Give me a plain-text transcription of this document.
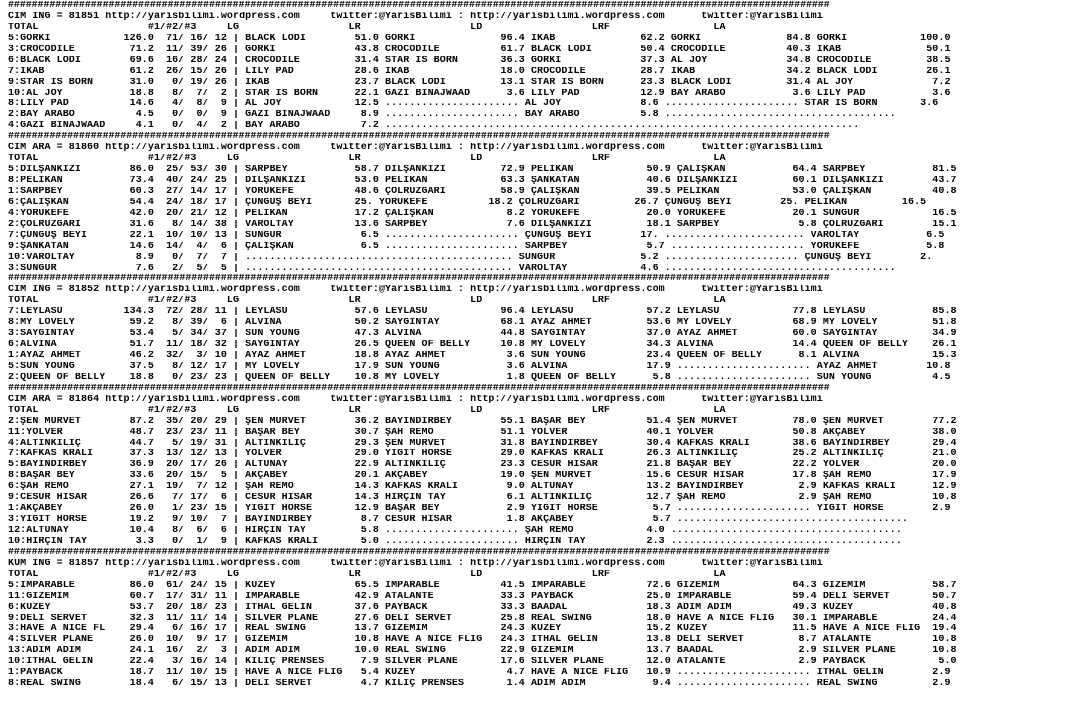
###########################################################################################################################################
CIM ING = 81851 http://yarisbilimi.wordpress.com     twitter:@YarisBilimi : http://yarisbilimi.wordpress.com      twitter:@YarisBilimi
TOTAL                  #1/#2/#3     LG                  LR                  LD                  LRF                 LA
5:GÖRKİ            126.0  71/ 16/ 12 | BLACK LODI        51.0 GÖRKİ              96.4 İKAB              62.2 GÖRKİ              84.8 GÖRKİ            100.0
3:CROCODILE         71.2  11/ 39/ 26 | GÖRKİ             43.8 CROCODILE          61.7 BLACK LODI        50.4 CROCODILE          40.3 İKAB              50.1
6:BLACK LODI        69.6  16/ 28/ 24 | CROCODILE         31.4 STAR IS BORN       36.3 GÖRKİ             37.3 AL JOY             34.8 CROCODILE         38.5
7:İKAB              61.2  26/ 15/ 26 | LILY PAD          28.6 İKAB               18.0 CROCODILE         28.7 İKAB               34.2 BLACK LODI        26.1
9:STAR IS BORN      31.0   0/ 19/ 26 | İKAB              23.7 BLACK LODI         13.1 STAR IS BORN      23.3 BLACK LODI         31.4 AL JOY             7.2
10:AL JOY           18.8   8/  7/  2 | STAR IS BORN      22.1 GAZİ BINAJWAAD      3.6 LILY PAD          12.9 BAY ARABO           3.6 LILY PAD           3.6
8:LILY PAD          14.6   4/  8/  9 | AL JOY            12.5 ...................... AL JOY             8.6 ...................... STAR IS BORN       3.6
2:BAY ARABO          4.5   0/  0/  9 | GAZİ BINAJWAAD     8.9 ...................... BAY ARABO          5.8 ......................................
4:GAZİ BINAJWAAD     4.1   0/  4/  2 | BAY ARABO          7.2 ..............................................................................
###########################################################################################################################################
CIM ARA = 81860 http://yarisbilimi.wordpress.com     twitter:@YarisBilimi : http://yarisbilimi.wordpress.com      twitter:@YarisBilimi
TOTAL                  #1/#2/#3     LG                  LR                  LD                  LRF                 LA
5:DİLŞANKIZI        86.0  25/ 53/ 30 | SARPBEY           58.7 DİLŞANKIZI         72.9 PELİKAN            50.9 ÇALIŞKAN           64.4 SARPBEY           81.5
8:PELİKAN           73.4  40/ 24/ 25 | DİLŞANKIZI        53.0 PELİKAN            63.3 ŞANKATAN           40.6 DİLŞANKIZI         60.1 DİLŞANKIZI        43.7
1:SARPBEY           60.3  27/ 14/ 17 | YÖRÜKEFE          48.6 ÇÖLRÜZGARI         58.9 ÇALIŞKAN           39.5 PELİKAN            53.0 ÇALIŞKAN          40.8
6:ÇALIŞKAN          54.4  24/ 18/ 17 | ÇÜNGÜŞ BEYİ       25. YÖRÜKEFE          18.2 ÇÖLRÜZGARI         26.7 ÇÜNGÜŞ BEYİ        25. PELİKAN         16.5
4:YÖRÜKEFE          42.0  20/ 21/ 12 | PELİKAN           17.2 ÇALIŞKAN            8.2 YÖRÜKEFE           20.0 YÖRÜKEFE           20.1 SUNGUR            16.5
2:ÇÖLRÜZGARI        31.6   8/ 14/ 38 | VAROLTAY          13.6 SARPBEY             7.6 DİLŞANKIZI         18.1 SARPBEY             5.8 ÇÖLRÜZGARI        15.1
7:ÇÜNGÜŞ BEYİ       22.1  10/ 10/ 13 | SUNGUR             6.5 ...................... ÇÜNGÜŞ BEYİ        17. ....................... VAROLTAY           6.5
9:ŞANKATAN          14.6  14/  4/  6 | ÇALIŞKAN           6.5 ...................... SARPBEY             5.7 ...................... YÖRÜKEFE           5.8
10:VAROLTAY          8.9   0/  7/  7 | ............................................ SUNGUR              5.2 ...................... ÇÜNGÜŞ BEYİ        2.
3:SUNGUR             7.6   2/  5/  5 | ............................................ VAROLTAY            4.6 ......................................
###########################################################################################################################################
CIM ING = 81852 http://yarisbilimi.wordpress.com     twitter:@YarisBilimi : http://yarisbilimi.wordpress.com      twitter:@YarisBilimi
TOTAL                  #1/#2/#3     LG                  LR                  LD                  LRF                 LA
7:LEYLASU          134.3  72/ 28/ 11 | LEYLASU           57.6 LEYLASU            96.4 LEYLASU            57.2 LEYLASU            77.8 LEYLASU           85.8
8:MY LOVELY         59.2   8/ 39/  6 | ALVINA            50.2 SAYGINTAY          68.1 AYAZ AHMET         53.6 MY LOVELY          68.9 MY LOVELY         51.8
3:SAYGINTAY         53.4   5/ 34/ 37 | SUN YOUNG         47.3 ALVINA             44.8 SAYGINTAY          37.0 AYAZ AHMET         60.0 SAYGINTAY         34.9
6:ALVINA            51.7  11/ 18/ 32 | SAYGINTAY         26.5 QUEEN OF BELLY     10.8 MY LOVELY          34.3 ALVINA             14.4 QUEEN OF BELLY    26.1
1:AYAZ AHMET        46.2  32/  3/ 10 | AYAZ AHMET        18.8 AYAZ AHMET          3.6 SUN YOUNG          23.4 QUEEN OF BELLY      8.1 ALVINA            15.3
5:SUN YOUNG         37.5   8/ 12/ 17 | MY LOVELY         17.9 SUN YOUNG           3.6 ALVINA             17.9 ...................... AYAZ AHMET        10.8
2:QUEEN OF BELLY    18.8   0/ 23/ 23 | QUEEN OF BELLY    10.8 MY LOVELY           1.8 QUEEN OF BELLY      5.8 ...................... SUN YOUNG          4.5
###########################################################################################################################################
CIM ARA = 81864 http://yarisbilimi.wordpress.com     twitter:@YarisBilimi : http://yarisbilimi.wordpress.com      twitter:@YarisBilimi
TOTAL                  #1/#2/#3     LG                  LR                  LD                  LRF                 LA
2:ŞEN MÜRVET        87.2  35/ 20/ 29 | ŞEN MÜRVET        36.2 BAYINDIRBEY        55.1 BAŞAR BEY          51.4 ŞEN MÜRVET         78.0 ŞEN MÜRVET        77.2
11:YOLVER           48.7  23/ 23/ 11 | BAŞAR BEY         30.7 ŞAH REMO           51.1 YOLVER             40.1 YOLVER             50.8 AKÇABEY           38.0
4:ALTINKILIÇ        44.7   5/ 19/ 31 | ALTINKILIÇ        29.3 ŞEN MÜRVET         31.8 BAYINDIRBEY        30.4 KAFKAS KRALI       38.6 BAYINDIRBEY       29.4
7:KAFKAS KRALI      37.3  13/ 12/ 13 | YOLVER            29.0 YİĞİT HORSE        29.0 KAFKAS KRALI       26.3 ALTINKILIÇ         25.2 ALTINKILIÇ        21.0
5:BAYINDIRBEY       36.9  20/ 17/ 26 | ALTUNAY           22.9 ALTINKILIÇ         23.3 CESUR HISAR        21.8 BAŞAR BEY          22.2 YOLVER            20.0
8:BAŞAR BEY         33.6  20/ 15/  5 | AKÇABEY           20.1 AKÇABEY            19.0 ŞEN MÜRVET         15.6 CESUR HISAR        17.8 ŞAH REMO          17.9
6:ŞAH REMO          27.1  19/  7/ 12 | ŞAH REMO          14.3 KAFKAS KRALI        9.0 ALTUNAY            13.2 BAYINDIRBEY         2.9 KAFKAS KRALI      12.9
9:CESUR HISAR       26.6   7/ 17/  6 | CESUR HISAR       14.3 HIRÇIN TAY          6.1 ALTINKILIÇ         12.7 ŞAH REMO            2.9 ŞAH REMO          10.8
1:AKÇABEY           26.0   1/ 23/ 15 | YİĞİT HORSE       12.9 BAŞAR BEY           2.9 YİĞİT HORSE         5.7 ...................... YİĞİT HORSE        2.9
3:YİĞİT HORSE       19.2   9/ 10/  7 | BAYINDIRBEY        8.7 CESUR HISAR         1.8 AKÇABEY             5.7 ......................................
12:ALTUNAY          10.4   8/  6/  6 | HIRÇIN TAY         5.8 ...................... ŞAH REMO            4.0 ......................................
10:HIRÇIN TAY        3.3   0/  1/  9 | KAFKAS KRALI       5.0 ...................... HIRÇIN TAY          2.3 ......................................
###########################################################################################################################################
KUM ING = 81857 http://yarisbilimi.wordpress.com     twitter:@YarisBilimi : http://yarisbilimi.wordpress.com      twitter:@YarisBilimi
TOTAL                  #1/#2/#3     LG                  LR                  LD                  LRF                 LA
5:IMPARABLE         86.0  61/ 24/ 15 | KUZEY             65.5 IMPARABLE          41.5 IMPARABLE          72.6 GİZEMİM            64.3 GİZEMİM           58.7
11:GİZEMİM          60.7  17/ 31/ 11 | IMPARABLE         42.9 ATALANTE           33.3 PAYBACK            25.0 IMPARABLE          59.4 DELİ SERVET       50.7
6:KUZEY             53.7  20/ 18/ 23 | İTHAL GELİN       37.6 PAYBACK            33.3 BAADAL             18.3 ADIM ADIM          49.3 KUZEY             40.8
9:DELİ SERVET       32.3  11/ 11/ 14 | SILVER PLANE      27.6 DELİ SERVET        25.8 REAL SWING         18.0 HAVE A NICE FLIG   30.1 IMPARABLE         24.4
3:HAVE A NICE FL    29.4   6/ 16/ 17 | REAL SWING        13.7 GİZEMİM            24.3 KUZEY              15.2 KUZEY              11.5 HAVE A NICE FLIG  19.4
4:SILVER PLANE      26.0  10/  9/ 17 | GİZEMİM           10.8 HAVE A NICE FLIG   24.3 İTHAL GELİN        13.8 DELİ SERVET         8.7 ATALANTE          10.8
13:ADIM ADIM        24.1  16/  2/  3 | ADIM ADIM         10.0 REAL SWING         22.9 GİZEMİM            13.7 BAADAL              2.9 SILVER PLANE      10.8
10:İTHAL GELİN      22.4   3/ 16/ 14 | KILIÇ PRENSES      7.9 SILVER PLANE       17.6 SILVER PLANE       12.0 ATALANTE            2.9 PAYBACK            5.0
1:PAYBACK           18.7  11/ 10/ 15 | HAVE A NICE FLIG   5.4 KUZEY               4.7 HAVE A NICE FLIG   10.9 ...................... İTHAL GELİN        2.9
8:REAL SWING        18.4   6/ 15/ 13 | DELİ SERVET        4.7 KILIÇ PRENSES       1.4 ADIM ADIM           9.4 ...................... REAL SWING         2.9
